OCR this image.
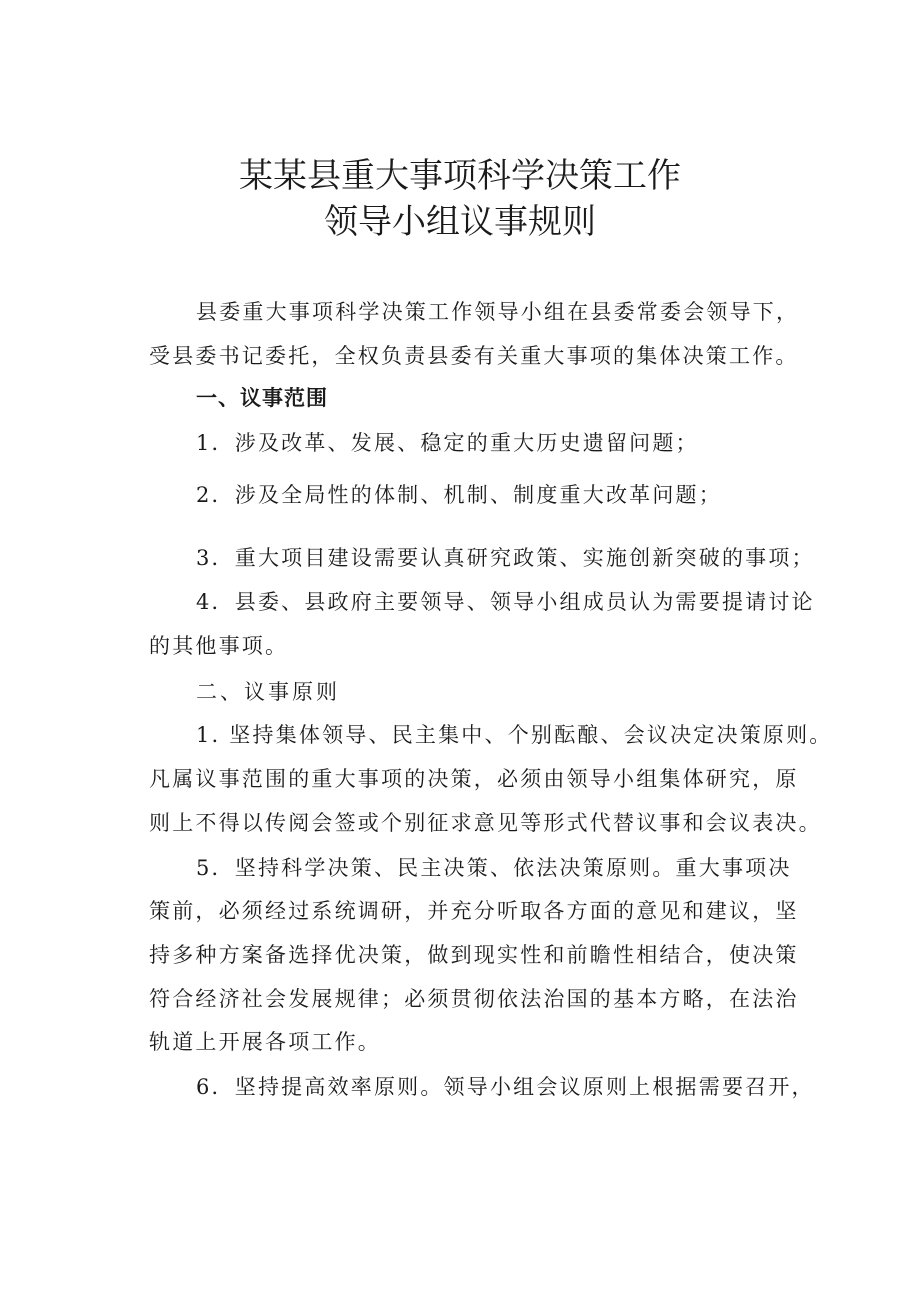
某某县重大事项科学决策工作
领导小组议事规则

县委重大事项科学决策工作领导小组在县委常委会领导下，

受县委书记委托，全权负责县委有关重大事项的集体决策工作。

一、议事范围

1．涉及改革、发展、稳定的重大历史遗留问题；

2．涉及全局性的体制、机制、制度重大改革问题；

3．重大项目建设需要认真研究政策、实施创新突破的事项；

4．县委、县政府主要领导、领导小组成员认为需要提请讨论

的其他事项。

二、议事原则

1. 坚持集体领导、民主集中、个别酝酿、会议决定决策原则。

凡属议事范围的重大事项的决策，必须由领导小组集体研究，原

则上不得以传阅会签或个别征求意见等形式代替议事和会议表决。

5．坚持科学决策、民主决策、依法决策原则。重大事项决

策前，必须经过系统调研，并充分听取各方面的意见和建议，坚

持多种方案备选择优决策，做到现实性和前瞻性相结合，使决策

符合经济社会发展规律；必须贯彻依法治国的基本方略，在法治

轨道上开展各项工作。

6．坚持提高效率原则。领导小组会议原则上根据需要召开，
